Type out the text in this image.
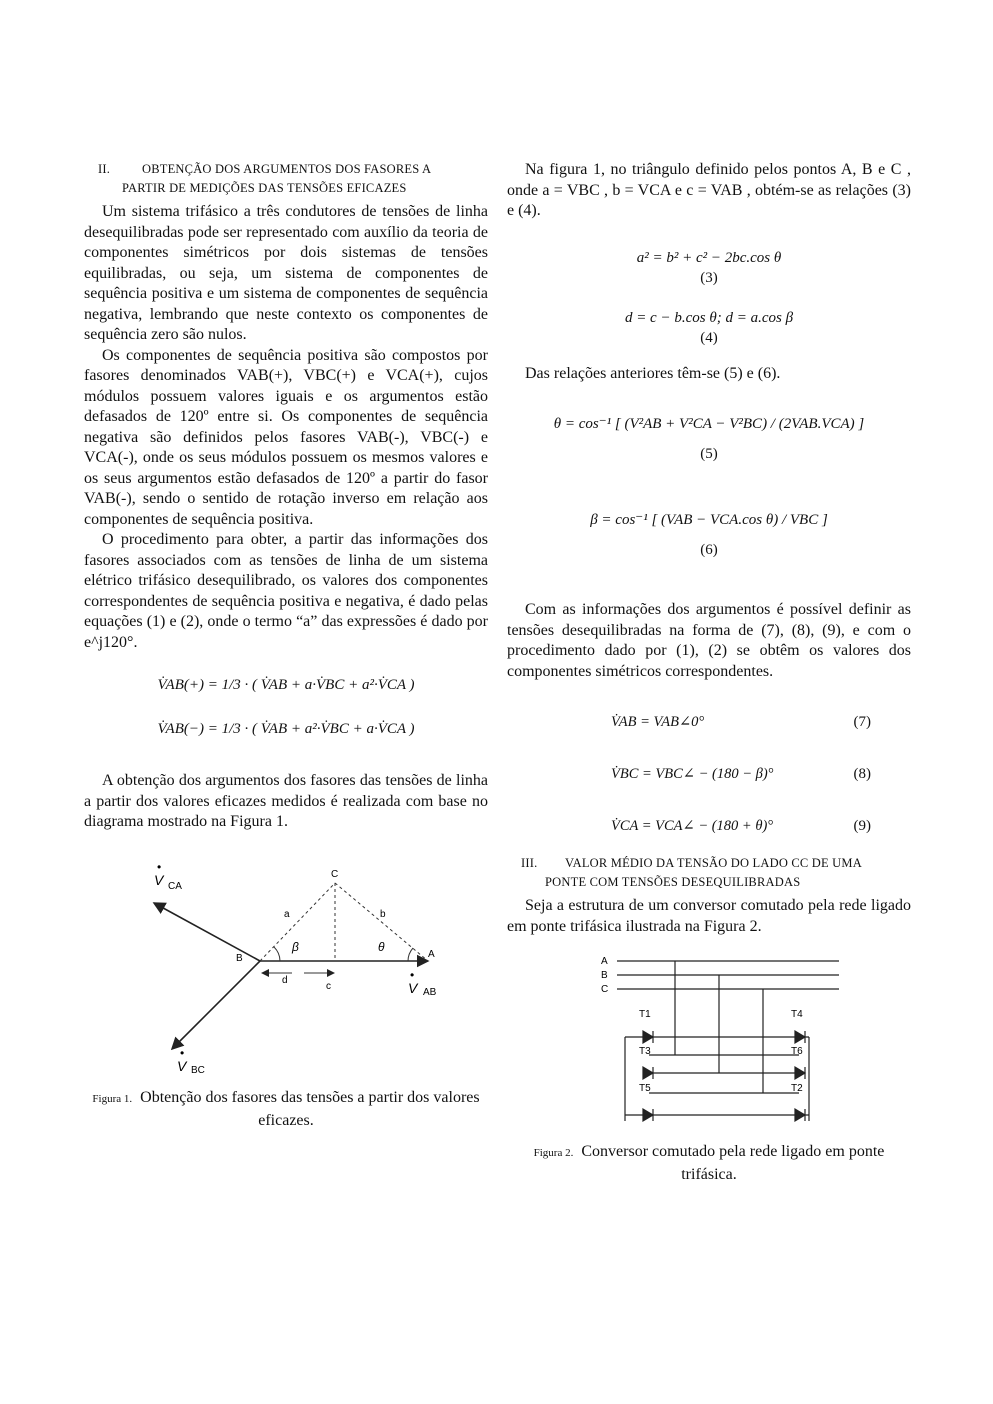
II.	OBTENÇÃO DOS ARGUMENTOS DOS FASORES A
PARTIR DE MEDIÇÕES DAS TENSÕES EFICAZES

Um sistema trifásico a três condutores de tensões de linha desequilibradas pode ser representado com auxílio da teoria de componentes simétricos por dois sistemas de tensões equilibradas, ou seja, um sistema de componentes de sequência positiva e um sistema de componentes de sequência negativa, lembrando que neste contexto os componentes de sequência zero são nulos.

Os componentes de sequência positiva são compostos por fasores denominados VAB(+), VBC(+) e VCA(+), cujos módulos possuem valores iguais e os argumentos estão defasados de 120º entre si. Os componentes de sequência negativa são definidos pelos fasores VAB(-), VBC(-) e VCA(-), onde os seus módulos possuem os mesmos valores e os seus argumentos estão defasados de 120º a partir do fasor VAB(-), sendo o sentido de rotação inverso em relação aos componentes de sequência positiva.

O procedimento para obter, a partir das informações dos fasores associados com as tensões de linha de um sistema elétrico trifásico desequilibrado, os valores dos componentes correspondentes de sequência positiva e negativa, é dado pelas equações (1) e (2), onde o termo “a” das expressões é dado por e^j120°.

V̇AB(+) = 1/3 · ( V̇AB + a·V̇BC + a²·V̇CA )
V̇AB(−) = 1/3 · ( V̇AB + a²·V̇BC + a·V̇CA )

A obtenção dos argumentos dos fasores das tensões de linha a partir dos valores eficazes medidos é realizada com base no diagrama mostrado na Figura 1.

•
V CA
•
V BC
•
V AB
A
B
C
a	b
c
d
β	θ
Figura 1. Obtenção dos fasores das tensões a partir dos valores eficazes.

Na figura 1, no triângulo definido pelos pontos A, B e C , onde a = VBC , b = VCA e c = VAB , obtém-se as relações (3) e (4).

a² = b² + c² − 2bc.cos θ
(3)
d = c − b.cos θ; d = a.cos β
(4)

Das relações anteriores têm-se (5) e (6).

θ = cos⁻¹ [ (V²AB + V²CA − V²BC) / (2VAB.VCA) ]
(5)
β = cos⁻¹ [ (VAB − VCA.cos θ) / VBC ]
(6)

Com as informações dos argumentos é possível definir as tensões desequilibradas na forma de (7), (8), (9), e com o procedimento dado por (1), (2) se obtêm os valores dos componentes simétricos correspondentes.

V̇AB = VAB∠0°	(7)
V̇BC = VBC∠ − (180 − β)°	(8)
V̇CA = VCA∠ − (180 + θ)°	(9)
III. VALOR MÉDIO DA TENSÃO DO LADO CC DE UMA
PONTE COM TENSÕES DESEQUILIBRADAS

Seja a estrutura de um conversor comutado pela rede ligado em ponte trifásica ilustrada na Figura 2.

A
B
C
T1	T4
T3	T6
T5	T2
Figura 2. Conversor comutado pela rede ligado em ponte trifásica.
